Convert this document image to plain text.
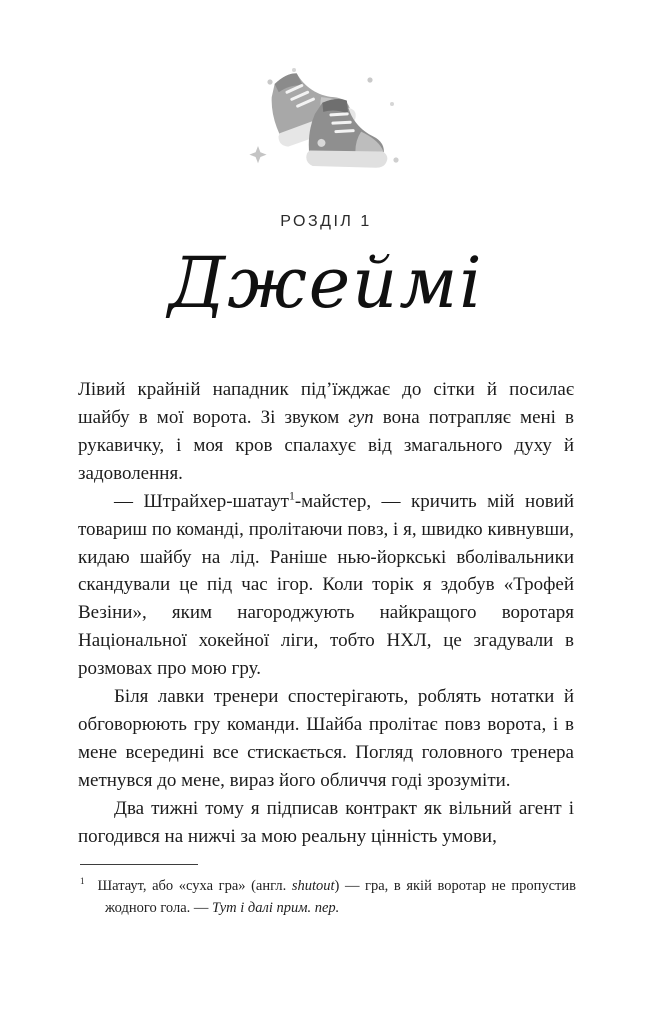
РОЗДІЛ 1
Джеймі

Лівий крайній нападник під’їжджає до сітки й посилає шайбу в мої ворота. Зі звуком гуп вона потрапляє мені в рукавичку, і моя кров спалахує від змагального духу й задоволення.

— Штрайхер-шатаут$^1$-майстер, — кричить мій новий товариш по команді, пролітаючи повз, і я, швидко кивнувши, кидаю шайбу на лід. Раніше нью-йоркські вболівальники скандували це під час ігор. Коли торік я здобув «Трофей Везіни», яким нагороджують найкращого воротаря Національної хокейної ліги, тобто НХЛ, це згадували в розмовах про мою гру.

Біля лавки тренери спостерігають, роблять нотатки й обговорюють гру команди. Шайба пролітає повз ворота, і в мене всередині все стискається. Погляд головного тренера метнувся до мене, вираз його обличчя годі зрозуміти.

Два тижні тому я підписав контракт як вільний агент і погодився на нижчі за мою реальну цінність умови,

$^1$ Шатаут, або «суха гра» (англ. shutout) — гра, в якій воротар не пропустив жодного гола. — Тут і далі прим. пер.
